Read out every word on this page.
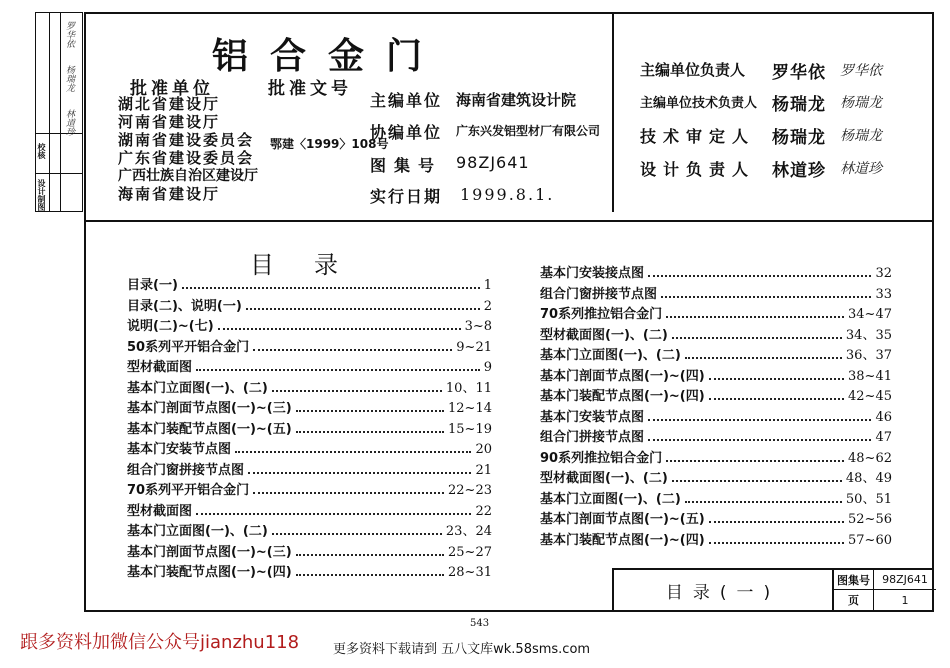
校核
设计
制图
罗华依
杨瑞龙
林道珍
铝合金门
批准单位	批准文号
湖北省建设厅
河南省建设厅
湖南省建设委员会
广东省建设委员会
广西壮族自治区建设厅
海南省建设厅
鄂建〈1999〉108号
主编单位 海南省建筑设计院
协编单位 广东兴发铝型材厂有限公司
图集号 98ZJ641
实行日期 1999.8.1.
主编单位负责人 罗华依 罗华依
主编单位技术负责人 杨瑞龙 杨瑞龙
技术审定人 杨瑞龙 杨瑞龙
设计负责人 林道珍 林道珍
目录
目录(一)	1
目录(二)、说明(一)	2
说明(二)~(七)	3~8
50系列平开铝合金门	9~21
型材截面图	9
基本门立面图(一)、(二)	10、11
基本门剖面节点图(一)~(三)	12~14
基本门装配节点图(一)~(五)	15~19
基本门安装节点图	20
组合门窗拼接节点图	21
70系列平开铝合金门	22~23
型材截面图	22
基本门立面图(一)、(二)	23、24
基本门剖面节点图(一)~(三)	25~27
基本门装配节点图(一)~(四)	28~31
基本门安装接点图	32
组合门窗拼接节点图	33
70系列推拉铝合金门	34~47
型材截面图(一)、(二)	34、35
基本门立面图(一)、(二)	36、37
基本门剖面节点图(一)~(四)	38~41
基本门装配节点图(一)~(四)	42~45
基本门安装节点图	46
组合门拼接节点图	47
90系列推拉铝合金门	48~62
型材截面图(一)、(二)	48、49
基本门立面图(一)、(二)	50、51
基本门剖面节点图(一)~(五)	52~56
基本门装配节点图(一)~(四)	57~60
目录(一)
图集号	98ZJ641
页	1
543
跟多资料加微信公众号jianzhu118	更多资料下载请到 五八文库wk.58sms.com
